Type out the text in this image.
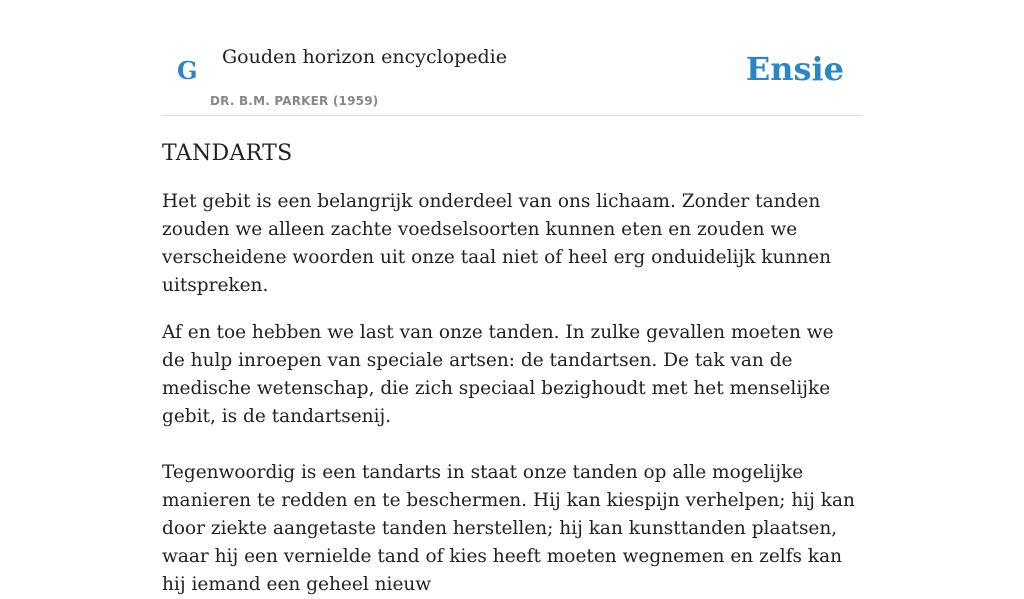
G Gouden horizon encyclopedie
DR. B.M. PARKER (1959)
Ensie
TANDARTS

Het gebit is een belangrijk onderdeel van ons lichaam. Zonder tanden zouden we alleen zachte voedselsoorten kunnen eten en zouden we verscheidene woorden uit onze taal niet of heel erg onduidelijk kunnen uitspreken.

Af en toe hebben we last van onze tanden. In zulke gevallen moeten we de hulp inroepen van speciale artsen: de tandartsen. De tak van de medische wetenschap, die zich speciaal bezighoudt met het menselijke gebit, is de tandartsenij.

Tegenwoordig is een tandarts in staat onze tanden op alle mogelijke manieren te redden en te beschermen. Hij kan kiespijn verhelpen; hij kan door ziekte aangetaste tanden herstellen; hij kan kunsttanden plaatsen, waar hij een vernielde tand of kies heeft moeten wegnemen en zelfs kan hij iemand een geheel nieuw
